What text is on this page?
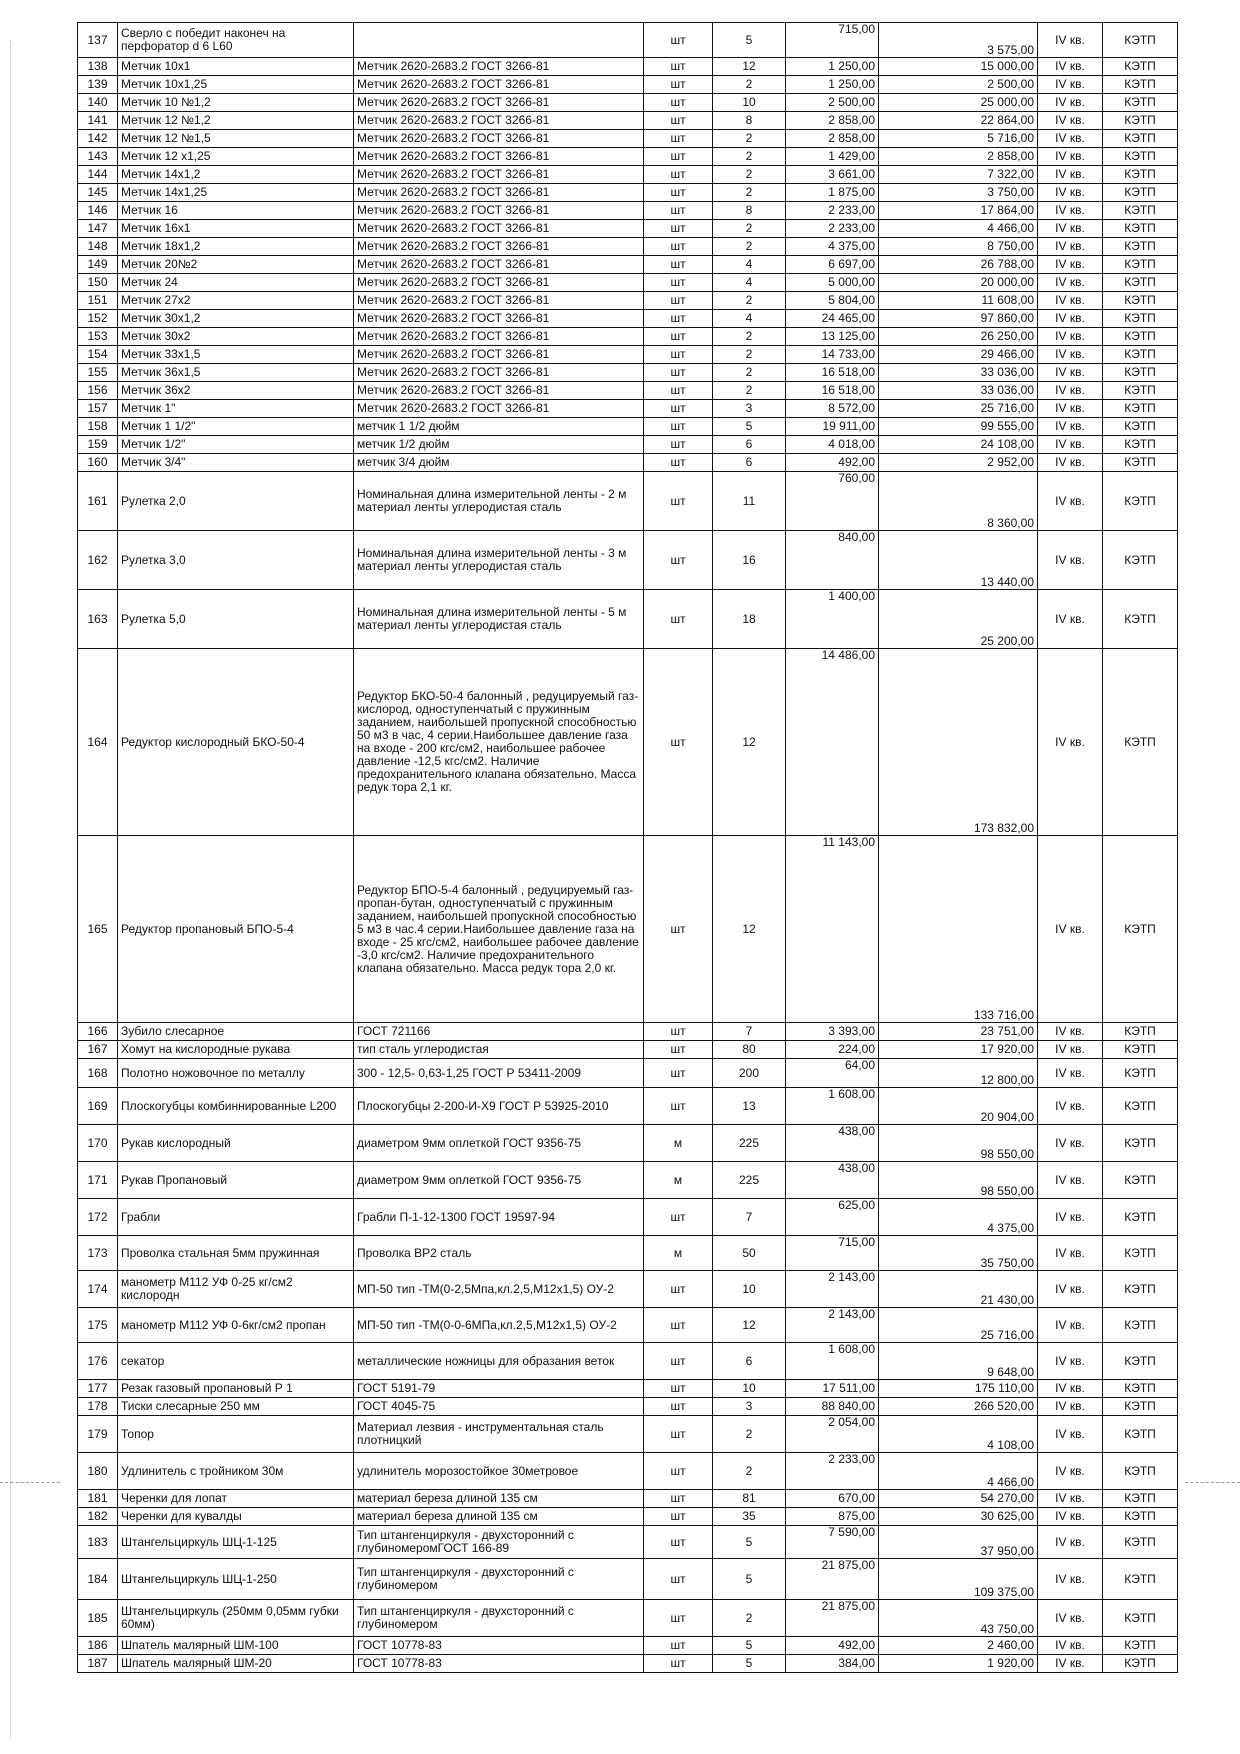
137	Сверло с победит наконеч на перфоратор d 6 L60		шт	5	715,00	3 575,00	IV кв.	КЭТП
138	Метчик 10х1	Метчик 2620-2683.2 ГОСТ 3266-81	шт	12	1 250,00	15 000,00	IV кв.	КЭТП
139	Метчик 10х1,25	Метчик 2620-2683.2 ГОСТ 3266-81	шт	2	1 250,00	2 500,00	IV кв.	КЭТП
140	Метчик 10 №1,2	Метчик 2620-2683.2 ГОСТ 3266-81	шт	10	2 500,00	25 000,00	IV кв.	КЭТП
141	Метчик 12 №1,2	Метчик 2620-2683.2 ГОСТ 3266-81	шт	8	2 858,00	22 864,00	IV кв.	КЭТП
142	Метчик 12 №1,5	Метчик 2620-2683.2 ГОСТ 3266-81	шт	2	2 858,00	5 716,00	IV кв.	КЭТП
143	Метчик 12 х1,25	Метчик 2620-2683.2 ГОСТ 3266-81	шт	2	1 429,00	2 858,00	IV кв.	КЭТП
144	Метчик 14х1,2	Метчик 2620-2683.2 ГОСТ 3266-81	шт	2	3 661,00	7 322,00	IV кв.	КЭТП
145	Метчик 14х1,25	Метчик 2620-2683.2 ГОСТ 3266-81	шт	2	1 875,00	3 750,00	IV кв.	КЭТП
146	Метчик 16	Метчик 2620-2683.2 ГОСТ 3266-81	шт	8	2 233,00	17 864,00	IV кв.	КЭТП
147	Метчик 16х1	Метчик 2620-2683.2 ГОСТ 3266-81	шт	2	2 233,00	4 466,00	IV кв.	КЭТП
148	Метчик 18х1,2	Метчик 2620-2683.2 ГОСТ 3266-81	шт	2	4 375,00	8 750,00	IV кв.	КЭТП
149	Метчик 20№2	Метчик 2620-2683.2 ГОСТ 3266-81	шт	4	6 697,00	26 788,00	IV кв.	КЭТП
150	Метчик 24	Метчик 2620-2683.2 ГОСТ 3266-81	шт	4	5 000,00	20 000,00	IV кв.	КЭТП
151	Метчик 27х2	Метчик 2620-2683.2 ГОСТ 3266-81	шт	2	5 804,00	11 608,00	IV кв.	КЭТП
152	Метчик 30х1,2	Метчик 2620-2683.2 ГОСТ 3266-81	шт	4	24 465,00	97 860,00	IV кв.	КЭТП
153	Метчик 30х2	Метчик 2620-2683.2 ГОСТ 3266-81	шт	2	13 125,00	26 250,00	IV кв.	КЭТП
154	Метчик 33х1,5	Метчик 2620-2683.2 ГОСТ 3266-81	шт	2	14 733,00	29 466,00	IV кв.	КЭТП
155	Метчик 36х1,5	Метчик 2620-2683.2 ГОСТ 3266-81	шт	2	16 518,00	33 036,00	IV кв.	КЭТП
156	Метчик 36х2	Метчик 2620-2683.2 ГОСТ 3266-81	шт	2	16 518,00	33 036,00	IV кв.	КЭТП
157	Метчик 1"	Метчик 2620-2683.2 ГОСТ 3266-81	шт	3	8 572,00	25 716,00	IV кв.	КЭТП
158	Метчик 1 1/2"	метчик 1 1/2 дюйм	шт	5	19 911,00	99 555,00	IV кв.	КЭТП
159	Метчик 1/2"	метчик 1/2 дюйм	шт	6	4 018,00	24 108,00	IV кв.	КЭТП
160	Метчик 3/4"	метчик 3/4 дюйм	шт	6	492,00	2 952,00	IV кв.	КЭТП
161	Рулетка 2,0	Номинальная длина измерительной ленты - 2 м материал ленты углеродистая сталь	шт	11	760,00	8 360,00	IV кв.	КЭТП
162	Рулетка 3,0	Номинальная длина измерительной ленты - 3 м материал ленты углеродистая сталь	шт	16	840,00	13 440,00	IV кв.	КЭТП
163	Рулетка 5,0	Номинальная длина измерительной ленты - 5 м материал ленты углеродистая сталь	шт	18	1 400,00	25 200,00	IV кв.	КЭТП
164	Редуктор кислородный БКО-50-4	Редуктор БКО-50-4 балонный , редуцируемый газ- кислород, одноступенчатый с пружинным заданием, наибольшей пропускной способностью 50 м3 в час, 4 серии.Наибольшее давление газа на входе - 200 кгс/см2, наибольшее рабочее давление -12,5 кгс/см2. Наличие предохранительного клапана обязательно. Масса редук тора 2,1 кг.	шт	12	14 486,00	173 832,00	IV кв.	КЭТП
165	Редуктор пропановый БПО-5-4	Редуктор БПО-5-4 балонный , редуцируемый газ- пропан-бутан, одноступенчатый с пружинным заданием, наибольшей пропускной способностью 5 м3 в час.4 серии.Наибольшее давление газа на входе - 25 кгс/см2, наибольшее рабочее давление -3,0 кгс/см2. Наличие предохранительного клапана обязательно. Масса редук тора 2,0 кг.	шт	12	11 143,00	133 716,00	IV кв.	КЭТП
166	Зубило слесарное	ГОСТ 721166	шт	7	3 393,00	23 751,00	IV кв.	КЭТП
167	Хомут на кислородные рукава	тип сталь углеродистая	шт	80	224,00	17 920,00	IV кв.	КЭТП
168	Полотно ножовочное по металлу	300 - 12,5- 0,63-1,25 ГОСТ Р 53411-2009	шт	200	64,00	12 800,00	IV кв.	КЭТП
169	Плоскогубцы комбиннированные L200	Плоскогубцы 2-200-И-Х9 ГОСТ Р 53925-2010	шт	13	1 608,00	20 904,00	IV кв.	КЭТП
170	Рукав кислородный	диаметром 9мм оплеткой ГОСТ 9356-75	м	225	438,00	98 550,00	IV кв.	КЭТП
171	Рукав Пропановый	диаметром 9мм оплеткой ГОСТ 9356-75	м	225	438,00	98 550,00	IV кв.	КЭТП
172	Грабли	Грабли П-1-12-1300 ГОСТ 19597-94	шт	7	625,00	4 375,00	IV кв.	КЭТП
173	Проволка стальная 5мм пружинная	Проволка ВР2 сталь	м	50	715,00	35 750,00	IV кв.	КЭТП
174	манометр М112 УФ 0-25 кг/см2 кислородн	МП-50 тип -ТМ(0-2,5Мпа,кл.2,5,М12х1,5) ОУ-2	шт	10	2 143,00	21 430,00	IV кв.	КЭТП
175	манометр М112 УФ 0-6кг/см2 пропан	МП-50 тип -ТМ(0-0-6МПа,кл.2,5,М12х1,5) ОУ-2	шт	12	2 143,00	25 716,00	IV кв.	КЭТП
176	секатор	металлические ножницы для образания веток	шт	6	1 608,00	9 648,00	IV кв.	КЭТП
177	Резак газовый пропановый Р 1	ГОСТ 5191-79	шт	10	17 511,00	175 110,00	IV кв.	КЭТП
178	Тиски слесарные 250 мм	ГОСТ 4045-75	шт	3	88 840,00	266 520,00	IV кв.	КЭТП
179	Топор	Материал лезвия - инструментальная сталь плотницкий	шт	2	2 054,00	4 108,00	IV кв.	КЭТП
180	Удлинитель с тройником 30м	удлинитель морозостойкое 30метровое	шт	2	2 233,00	4 466,00	IV кв.	КЭТП
181	Черенки для лопат	материал береза длиной 135 см	шт	81	670,00	54 270,00	IV кв.	КЭТП
182	Черенки для кувалды	материал береза длиной 135 см	шт	35	875,00	30 625,00	IV кв.	КЭТП
183	Штангельциркуль ШЦ-1-125	Тип штангенциркуля - двухсторонний с глубиномеромГОСТ 166-89	шт	5	7 590,00	37 950,00	IV кв.	КЭТП
184	Штангельциркуль ШЦ-1-250	Тип штангенциркуля - двухсторонний с глубиномером	шт	5	21 875,00	109 375,00	IV кв.	КЭТП
185	Штангельциркуль (250мм 0,05мм губки 60мм)	Тип штангенциркуля - двухсторонний с глубиномером	шт	2	21 875,00	43 750,00	IV кв.	КЭТП
186	Шпатель малярный ШМ-100	ГОСТ 10778-83	шт	5	492,00	2 460,00	IV кв.	КЭТП
187	Шпатель малярный ШМ-20	ГОСТ 10778-83	шт	5	384,00	1 920,00	IV кв.	КЭТП
